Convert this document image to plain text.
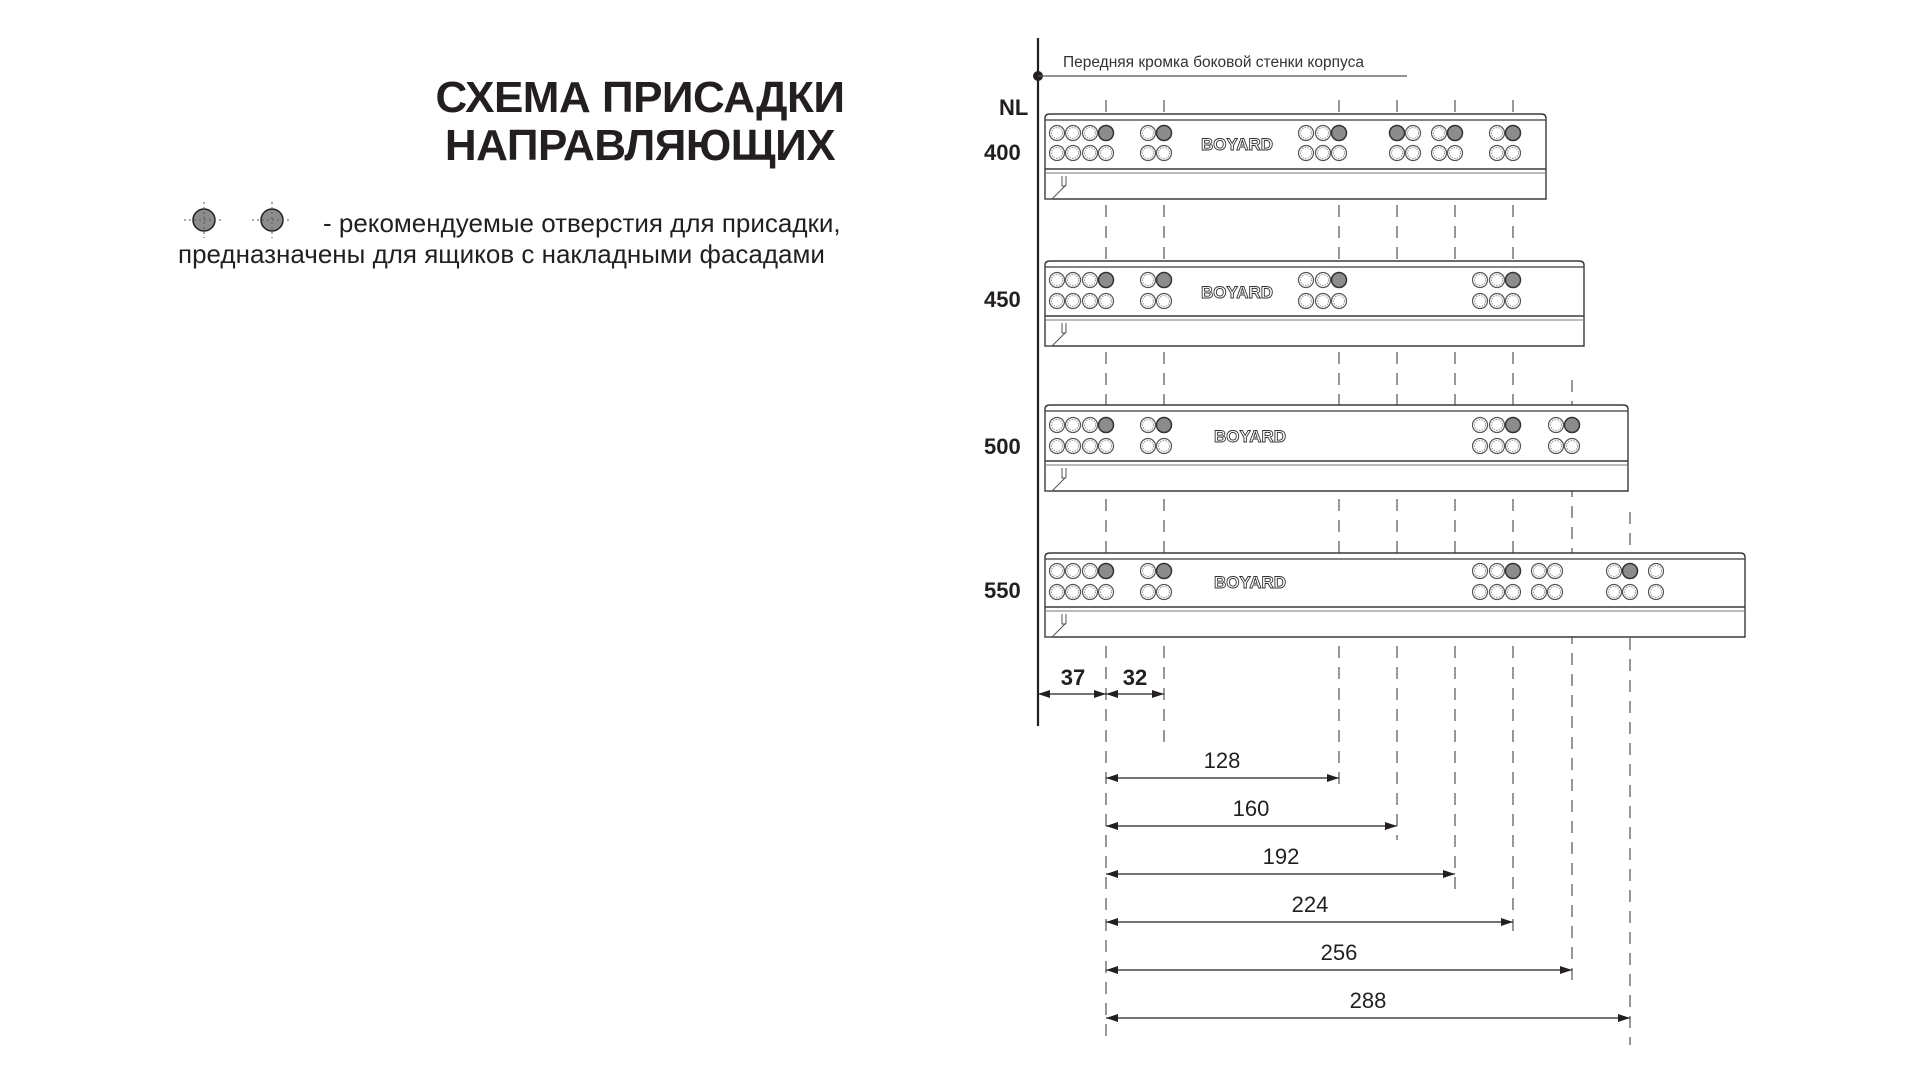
СХЕМА ПРИСАДКИ
НАПРАВЛЯЮЩИХ
- рекомендуемые отверстия для присадки,
предназначены для ящиков с накладными фасадами
BOYARD
BOYARD
BOYARD
BOYARD
Передняя кромка боковой стенки корпуса
NL
400
450
500
550
37 32
128
160
192
224
256
288
